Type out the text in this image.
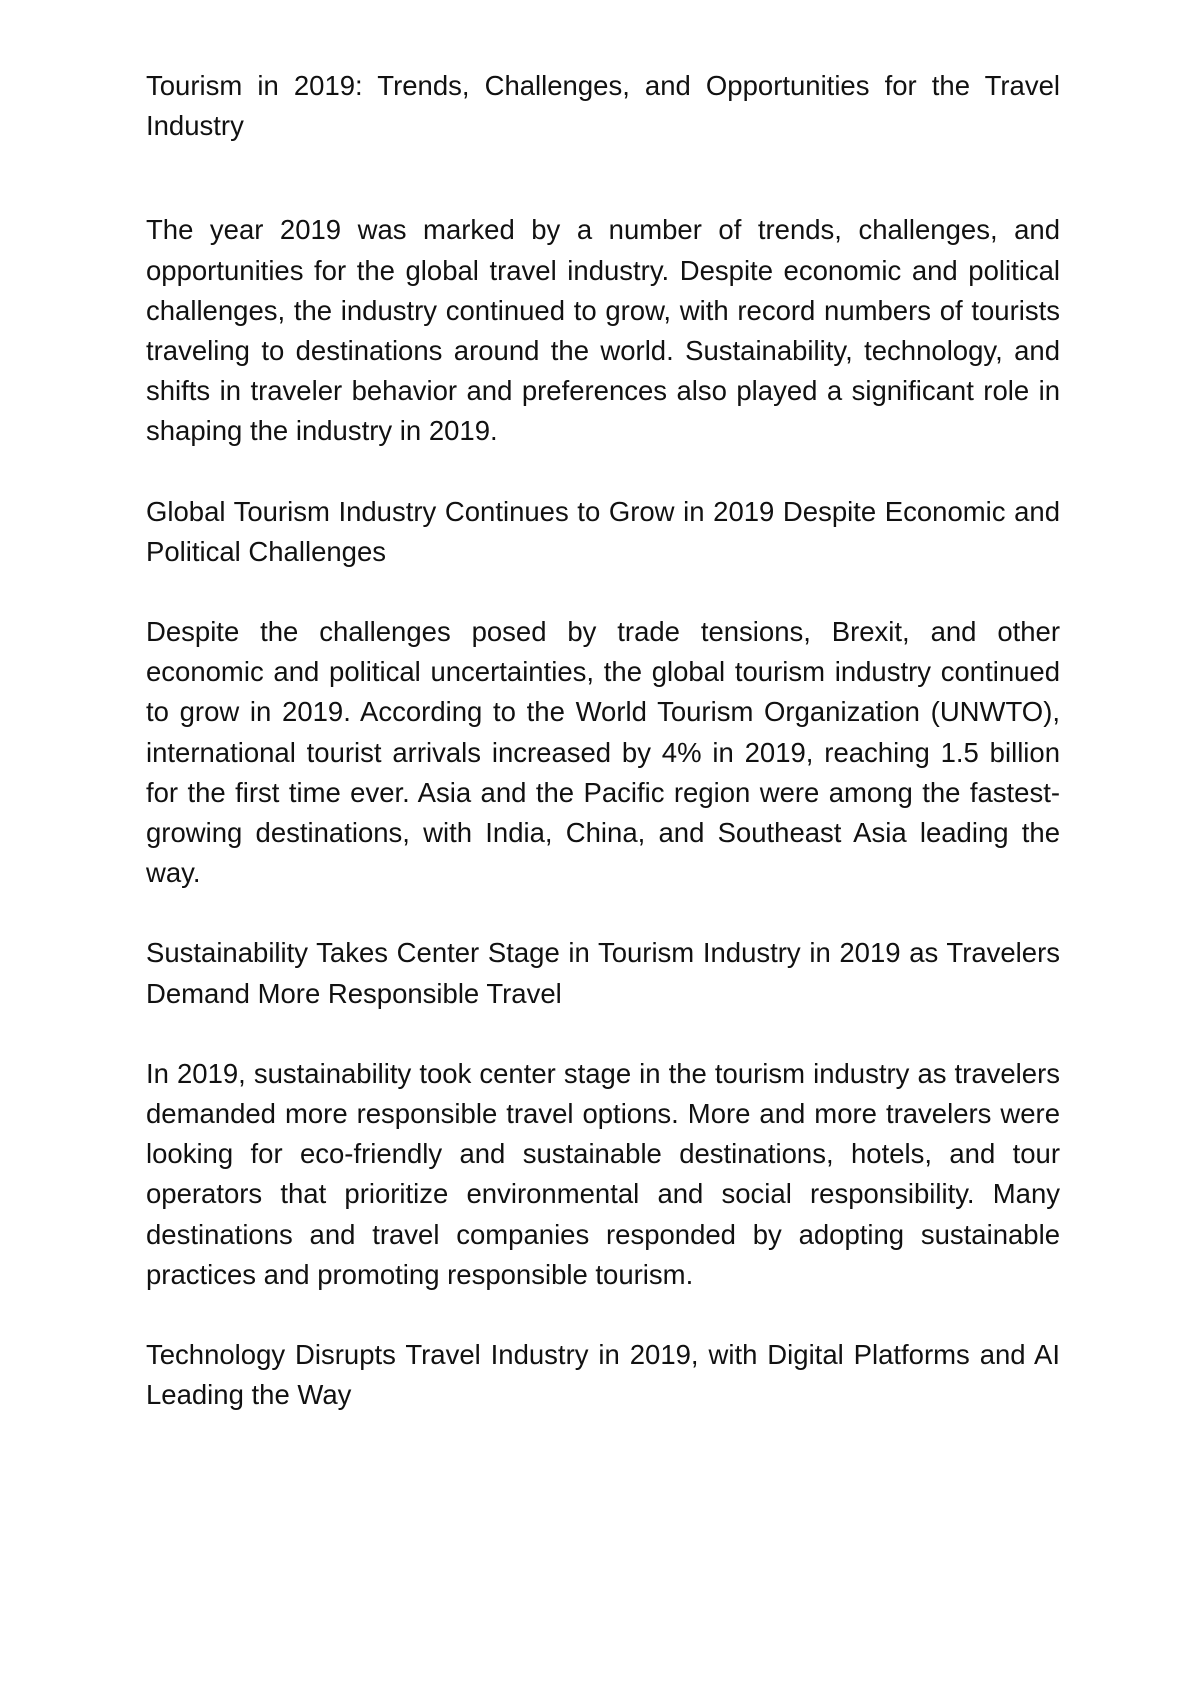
Tourism in 2019: Trends, Challenges, and Opportunities for the Travel Industry

The year 2019 was marked by a number of trends, challenges, and opportunities for the global travel industry. Despite economic and political challenges, the industry continued to grow, with record numbers of tourists traveling to destinations around the world. Sustainability, technology, and shifts in traveler behavior and preferences also played a significant role in shaping the industry in 2019.

Global Tourism Industry Continues to Grow in 2019 Despite Economic and Political Challenges

Despite the challenges posed by trade tensions, Brexit, and other economic and political uncertainties, the global tourism industry continued to grow in 2019. According to the World Tourism Organization (UNWTO), international tourist arrivals increased by 4% in 2019, reaching 1.5 billion for the first time ever. Asia and the Pacific region were among the fastest-growing destinations, with India, China, and Southeast Asia leading the way.

Sustainability Takes Center Stage in Tourism Industry in 2019 as Travelers Demand More Responsible Travel

In 2019, sustainability took center stage in the tourism industry as travelers demanded more responsible travel options. More and more travelers were looking for eco-friendly and sustainable destinations, hotels, and tour operators that prioritize environmental and social responsibility. Many destinations and travel companies responded by adopting sustainable practices and promoting responsible tourism.

Technology Disrupts Travel Industry in 2019, with Digital Platforms and AI Leading the Way
